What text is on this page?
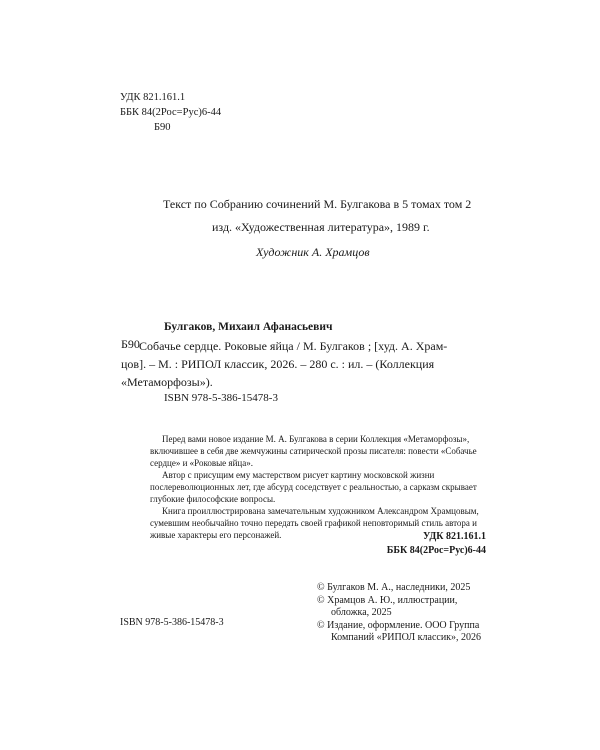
УДК 821.161.1
ББК 84(2Рос=Рус)6-44
Б90
Текст по Собранию сочинений М. Булгакова в 5 томах том 2
изд. «Художественная литература», 1989 г.
Художник А. Храмцов
Булгаков, Михаил Афанасьевич
Б90 Собачье сердце. Роковые яйца / М. Булгаков ; [худ. А. Храм-
цов]. – М. : РИПОЛ классик, 2026. – 280 с. : ил. – (Коллекция
«Метаморфозы»).
ISBN 978-5-386-15478-3

Перед вами новое издание М. А. Булгакова в серии Коллекция «Метаморфозы», включившее в себя две жемчужины сатирической прозы писателя: повести «Собачье сердце» и «Роковые яйца».

Автор с присущим ему мастерством рисует картину московской жизни послереволюционных лет, где абсурд соседствует с реальностью, а сарказм скрывает глубокие философские вопросы.

Книга проиллюстрирована замечательным художником Александром Храмцовым, сумевшим необычайно точно передать своей графикой неповторимый стиль автора и живые характеры его персонажей.	УДК 821.161.1
ББК 84(2Рос=Рус)6-44
© Булгаков М. А., наследники, 2025
© Храмцов А. Ю., иллюстрации,
обложка, 2025
© Издание, оформление. ООО Группа
Компаний «РИПОЛ классик», 2026
ISBN 978-5-386-15478-3
